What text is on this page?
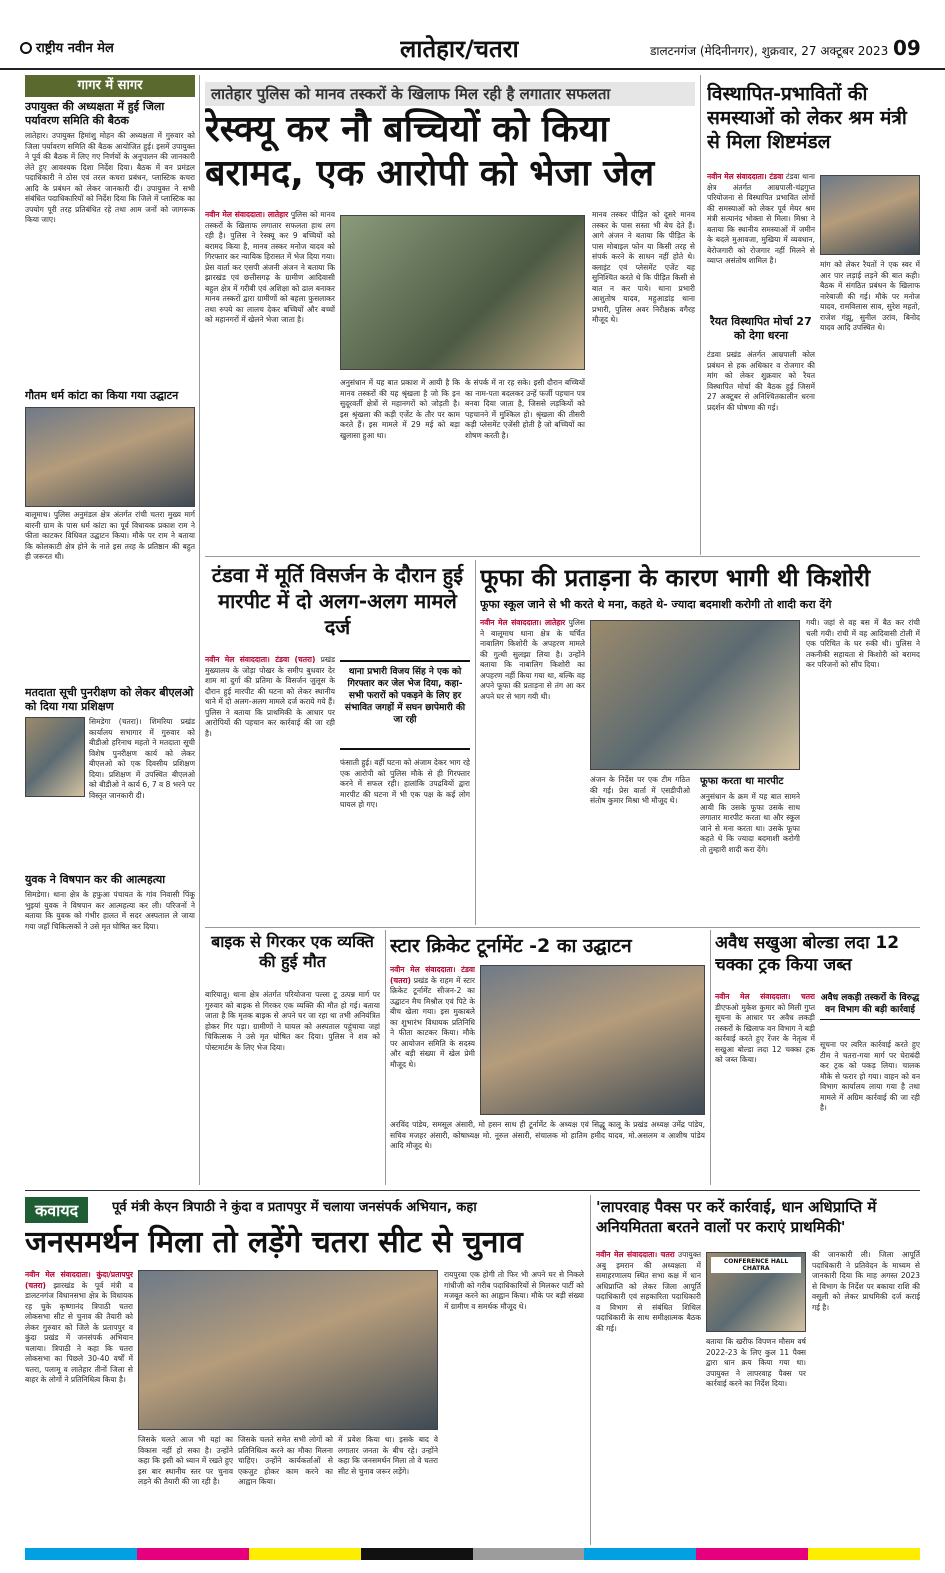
राष्ट्रीय नवीन मेल	लातेहार/चतरा	डालटनगंज (मेदिनीनगर), शुक्रवार, 27 अक्टूबर 2023 09
गागर में सागर
उपायुक्त की अध्यक्षता में हुई जिला पर्यावरण समिति की बैठक
लातेहार। उपायुक्त हिमांशु मोहन की अध्यक्षता में गुरुवार को जिला पर्यावरण समिति की बैठक आयोजित हुई। इसमें उपायुक्त ने पूर्व की बैठक में लिए गए निर्णयों के अनुपालन की जानकारी लेते हुए आवश्यक दिशा निर्देश दिया। बैठक में वन प्रमंडल पदाधिकारी ने ठोस एवं तरल कचरा प्रबंधन, प्लास्टिक कचरा आदि के प्रबंधन को लेकर जानकारी दी। उपायुक्त ने सभी संबंधित पदाधिकारियों को निर्देश दिया कि जिले में प्लास्टिक का उपयोग पूरी तरह प्रतिबंधित रहे तथा आम जनों को जागरूक किया जाए।
गौतम धर्म कांटा का किया गया उद्घाटन
बालूमाथ। पुलिस अनुमंडल क्षेत्र अंतर्गत रांची चतरा मुख्य मार्ग बारनी ग्राम के पास धर्म कांटा का पूर्व विधायक प्रकाश राम ने फीता काटकर विधिवत उद्घाटन किया। मौके पर राम ने बताया कि कोलकाटी क्षेत्र होने के नाते इस तरह के प्रतिष्ठान की बहुत ही जरूरत थी।
मतदाता सूची पुनरीक्षण को लेकर बीएलओ को दिया गया प्रशिक्षण
सिमडेगा (चतरा)। शिमरिया प्रखंड कार्यालय सभागार में गुरुवार को बीडीओ हरिनाथ महतो ने मतदाता सूची विशेष पुनरीक्षण कार्य को लेकर बीएलओ को एक दिवसीय प्रशिक्षण दिया। प्रशिक्षण में उपस्थित बीएलओ को बीडीओ ने कार्य 6, 7 व 8 भरने पर विस्तृत जानकारी दी।
युवक ने विषपान कर की आत्महत्या
सिमडेगा। थाना क्षेत्र के हफुआ पंचायत के गांव निवासी पिंकू भुइयां युवक ने विषपान कर आत्महत्या कर ली। परिजनों ने बताया कि युवक को गंभीर हालत में सदर अस्पताल ले जाया गया जहाँ चिकित्सकों ने उसे मृत घोषित कर दिया।
लातेहार पुलिस को मानव तस्करों के खिलाफ मिल रही है लगातार सफलता
रेस्क्यू कर नौ बच्चियों को किया बरामद, एक आरोपी को भेजा जेल
नवीन मेल संवाददाता। लातेहार पुलिस को मानव तस्करों के खिलाफ लगातार सफलता हाथ लग रही है। पुलिस ने रेस्क्यू कर 9 बच्चियों को बरामद किया है, मानव तस्कर मनोज यादव को गिरफ्तार कर न्यायिक हिरासत में भेज दिया गया। प्रेस वार्ता कर एसपी अंजनी अंजन ने बताया कि झारखंड एवं छत्तीसगढ़ के ग्रामीण आदिवासी बहुल क्षेत्र में गरीबी एवं अशिक्षा को ढाल बनाकर मानव तस्करों द्वारा ग्रामीणों को बहला फुसलाकर तथा रुपये का लालच देकर बच्चियों और बच्चों को महानगरों में खेलने भेजा जाता है।
अनुसंधान में यह बात प्रकाश में आयी है कि मानव तस्करों की यह श्रृंखला है जो कि इन सुदूरवर्ती क्षेत्रों से महानगरों को जोड़ती है। इस श्रृंखला की कड़ी एजेंट के तौर पर काम करते हैं। इस मामले में 29 मई को बड़ा खुलासा हुआ था।
के संपर्क में ना रह सके। इसी दौरान बच्चियों का नाम-पता बदलकर उन्हें फर्जी पहचान पत्र बनवा दिया जाता है, जिससे लड़कियों को पहचानने में मुश्किल हो। श्रृंखला की तीसरी कड़ी प्लेसमेंट एजेंसी होती है जो बच्चियों का शोषण करती है।
मानव तस्कर पीड़ित को दूसरे मानव तस्कर के पास सस्ता भी बेच देते हैं। आगे अंजन ने बताया कि पीड़ित के पास मोबाइल फोन या किसी तरह से संपर्क करने के साधन नहीं होते थे। क्लाइंट एवं प्लेसमेंट एजेंट यह सुनिश्चित करते थे कि पीड़ित किसी से बात न कर पाये। थाना प्रभारी आशुतोष यादव, महुआडांड़ थाना प्रभारी, पुलिस अवर निरीक्षक वगैरह मौजूद थे।
विस्थापित-प्रभावितों की समस्याओं को लेकर श्रम मंत्री से मिला शिष्टमंडल
नवीन मेल संवाददाता। टंडवा टंडवा थाना क्षेत्र अंतर्गत आम्रपाली-चंद्रगुप्त परियोजना से विस्थापित प्रभावित लोगों की समस्याओं को लेकर पूर्व मेयर श्रम मंत्री सत्यानंद भोक्ता से मिला। मिश्रा ने बताया कि स्थानीय समस्याओं में जमीन के बदले मुआवजा, मुखिया में व्यवधान, बेरोजगारी को रोजगार नहीं मिलने से व्याप्त असंतोष शामिल है।
रैयत विस्थापित मोर्चा 27 को देगा धरना
टंडवा प्रखंड अंतर्गत आम्रपाली कोल प्रबंधन से हक अधिकार व रोजगार की मांग को लेकर शुक्रवार को रैयत विस्थापित मोर्चा की बैठक हुई जिसमें 27 अक्टूबर से अनिश्चितकालीन धरना प्रदर्शन की घोषणा की गई।
मांग को लेकर रैयतों ने एक स्वर में आर पार लड़ाई लड़ने की बात कही। बैठक में संगठित प्रबंधन के खिलाफ नारेबाजी की गई। मौके पर मनोज यादव, रामविलास साव, सुरेश महतो, राजेश गंझू, सुनील उरांव, बिनोद यादव आदि उपस्थित थे।
टंडवा में मूर्ति विसर्जन के दौरान हुई मारपीट में दो अलग-अलग मामले दर्ज
नवीन मेल संवाददाता। टंडवा (चतरा) प्रखंड मुख्यालय के जोड़ा पोखर के समीप बुधवार देर शाम मां दुर्गा की प्रतिमा के विसर्जन जुलूस के दौरान हुई मारपीट की घटना को लेकर स्थानीय थाने में दो अलग-अलग मामले दर्ज कराये गये हैं। पुलिस ने बताया कि प्राथमिकी के आधार पर आरोपियों की पहचान कर कार्रवाई की जा रही है।
थाना प्रभारी विजय सिंह ने एक को गिरफ्तार कर जेल भेज दिया, कहा- सभी फरारों को पकड़ने के लिए हर संभावित जगहों में सघन छापेमारी की जा रही
फंसाती हुई। वहीं घटना को अंजाम देकर भाग रहे एक आरोपी को पुलिस मौके से ही गिरफ्तार करने में सफल रही। हालांकि उपद्रवियों द्वारा मारपीट की घटना में भी एक पक्ष के कई लोग घायल हो गए।
फूफा की प्रताड़ना के कारण भागी थी किशोरी
फूफा स्कूल जाने से भी करते थे मना, कहते थे- ज्यादा बदमाशी करोगी तो शादी करा देंगे
नवीन मेल संवाददाता। लातेहार पुलिस ने बालूमाथ थाना क्षेत्र के चर्चित नाबालिग किशोरी के अपहरण मामले की गुत्थी सुलझा लिया है। उन्होंने बताया कि नाबालिग किशोरी का अपहरण नहीं किया गया था, बल्कि वह अपने फूफा की प्रताड़ना से तंग आ कर अपने घर से भाग गयी थी।
अंजन के निर्देश पर एक टीम गठित की गई। प्रेस वार्ता में एसडीपीओ संतोष कुमार मिश्रा भी मौजूद थे।
फूफा करता था मारपीट
अनुसंधान के क्रम में यह बात सामने आयी कि उसके फूफा उसके साथ लगातार मारपीट करता था और स्कूल जाने से मना करता था। उसके फूफा कहते थे कि ज्यादा बदमाशी करोगी तो तुम्हारी शादी करा देंगे।
गयी। जहां से वह बस में बैठ कर रांची चली गयी। रांची में वह आदिवासी टोली में एक परिचित के घर रुकी थी। पुलिस ने तकनीकी सहायता से किशोरी को बरामद कर परिजनों को सौंप दिया।
बाइक से गिरकर एक व्यक्ति की हुई मौत
बारियातू। थाना क्षेत्र अंतर्गत परियोजना पल्ला टू उत्पन्न मार्ग पर गुरुवार को बाइक से गिरकर एक व्यक्ति की मौत हो गई। बताया जाता है कि मृतक बाइक से अपने घर जा रहा था तभी अनियंत्रित होकर गिर पड़ा। ग्रामीणों ने घायल को अस्पताल पहुंचाया जहां चिकित्सक ने उसे मृत घोषित कर दिया। पुलिस ने शव को पोस्टमार्टम के लिए भेज दिया।
स्टार क्रिकेट टूर्नामेंट -2 का उद्घाटन
नवीन मेल संवाददाता। टंडवा (चतरा) प्रखंड के राहम में स्टार क्रिकेट टूर्नामेंट सीजन-2 का उद्घाटन मैच मिश्रौल एवं पिटे के बीच खेला गया। इस मुकाबले का शुभारंभ विधायक प्रतिनिधि ने फीता काटकर किया। मौके पर आयोजन समिति के सदस्य और बड़ी संख्या में खेल प्रेमी मौजूद थे।
अरविंद पांडेय, समसूल अंसारी, मो हसन साथ ही टूर्नामेंट के अध्यक्ष एवं सिद्धू कालू के प्रखंड अध्यक्ष उमेंद्र पांडेय, सचिव मजहर अंसारी, कोषाध्यक्ष मो. नूरुल अंसारी, संचालक मो हातिम हमीद यादव, मो.असलम व आशीष पांडेय आदि मौजूद थे।
अवैध सखुआ बोल्डा लदा 12 चक्का ट्रक किया जब्त
नवीन मेल संवाददाता। चतरा डीएफओ मुकेश कुमार को मिली गुप्त सूचना के आधार पर अवैध लकड़ी तस्करों के खिलाफ वन विभाग ने बड़ी कार्रवाई करते हुए रेंजर के नेतृत्व में सखुआ बोल्डा लदा 12 चक्का ट्रक को जब्त किया।
अवैध लकड़ी तस्करों के विरुद्ध वन विभाग की बड़ी कार्रवाई
सूचना पर त्वरित कार्रवाई करते हुए टीम ने चतरा-गया मार्ग पर घेराबंदी कर ट्रक को पकड़ लिया। चालक मौके से फरार हो गया। वाहन को वन विभाग कार्यालय लाया गया है तथा मामले में अग्रिम कार्रवाई की जा रही है।
कवायद	पूर्व मंत्री केएन त्रिपाठी ने कुंदा व प्रतापपुर में चलाया जनसंपर्क अभियान, कहा
जनसमर्थन मिला तो लड़ेंगे चतरा सीट से चुनाव
नवीन मेल संवाददाता। कुंदा/प्रतापपुर (चतरा) झारखंड के पूर्व मंत्री व डालटनगंज विधानसभा क्षेत्र के विधायक रह चुके कृष्णानंद त्रिपाठी चतरा लोकसभा सीट से चुनाव की तैयारी को लेकर गुरुवार को जिले के प्रतापपुर व कुंदा प्रखंड में जनसंपर्क अभियान चलाया। त्रिपाठी ने कहा कि चतरा लोकसभा का पिछले 30-40 वर्षों में चतरा, पलामू व लातेहार तीनों जिला से बाहर के लोगों ने प्रतिनिधित्व किया है।
जिसके चलते आज भी यहां का विकास नहीं हो सका है। उन्होंने कहा कि इसी को ध्यान में रखते हुए इस बार स्थानीय स्तर पर चुनाव लड़ने की तैयारी की जा रही है।
जिसके चलते समेत सभी लोगों को प्रतिनिधित्व करने का मौका मिलना चाहिए। उन्होंने कार्यकर्ताओं से एकजुट होकर काम करने का आह्वान किया।
में प्रवेश किया था। इसके बाद वे लगातार जनता के बीच रहे। उन्होंने कहा कि जनसमर्थन मिला तो वे चतरा सीट से चुनाव जरूर लड़ेंगे।
रायपुरवा एक होगी तो फिर भी अपने घर से निकले गांधीजी को गरीब पदाधिकारियों से मिलकर पार्टी को मजबूत करने का आह्वान किया। मौके पर बड़ी संख्या में ग्रामीण व समर्थक मौजूद थे।
'लापरवाह पैक्स पर करें कार्रवाई, धान अधिप्राप्ति में अनियमितता बरतने वालों पर कराएं प्राथमिकी'
नवीन मेल संवाददाता। चतरा उपायुक्त अबु इमरान की अध्यक्षता में समाहरणालय स्थित सभा कक्ष में धान अधिप्राप्ति को लेकर जिला आपूर्ति पदाधिकारी एवं सहकारिता पदाधिकारी व विभाग से संबंधित शिथिल पदाधिकारी के साथ समीक्षात्मक बैठक की गई।
CONFERENCE HALL CHATRA
बताया कि खरीफ विपणन मौसम वर्ष 2022-23 के लिए कुल 11 पैक्स द्वारा धान क्रय किया गया था। उपायुक्त ने लापरवाह पैक्स पर कार्रवाई करने का निर्देश दिया।
की जानकारी ली। जिला आपूर्ति पदाधिकारी ने प्रतिवेदन के माध्यम से जानकारी दिया कि माह अगस्त 2023 से विभाग के निर्देश पर बकाया राशि की वसूली को लेकर प्राथमिकी दर्ज कराई गई है।
